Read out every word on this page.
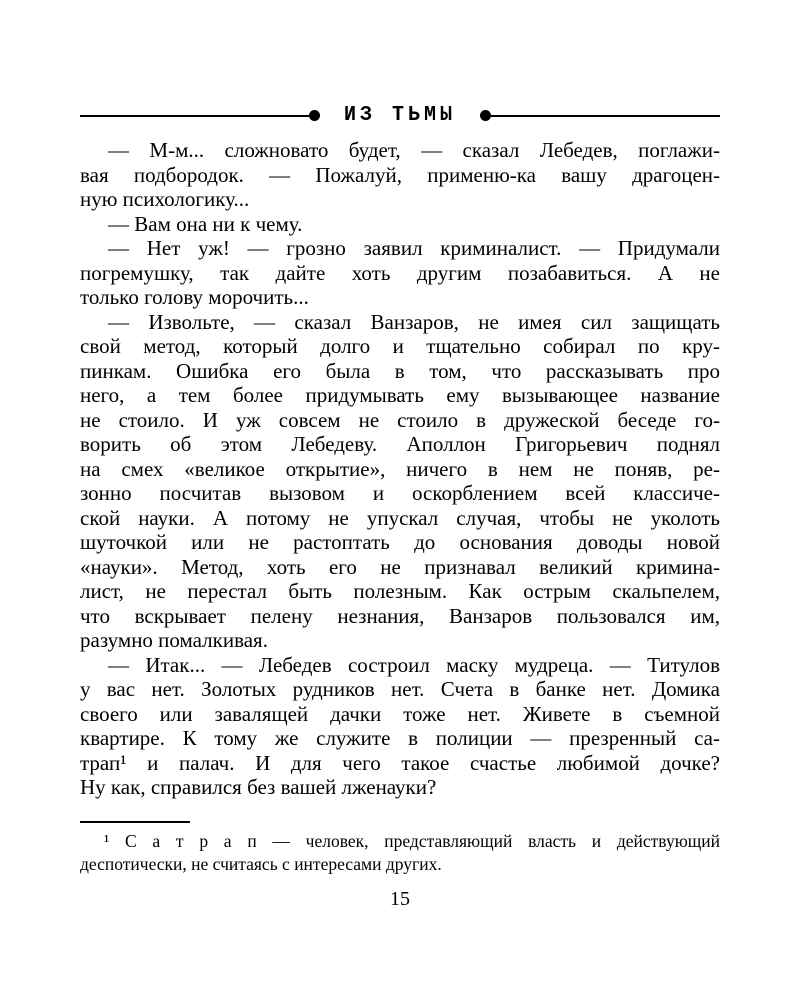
ИЗ ТЬМЫ
— М-м... сложновато будет, — сказал Лебедев, поглажи-
вая подбородок. — Пожалуй, применю-ка вашу драгоцен-
ную психологику...
— Вам она ни к чему.
— Нет уж! — грозно заявил криминалист. — Придумали
погремушку, так дайте хоть другим позабавиться. А не
только голову морочить...
— Извольте, — сказал Ванзаров, не имея сил защищать
свой метод, который долго и тщательно собирал по кру-
пинкам. Ошибка его была в том, что рассказывать про
него, а тем более придумывать ему вызывающее название
не стоило. И уж совсем не стоило в дружеской беседе го-
ворить об этом Лебедеву. Аполлон Григорьевич поднял
на смех «великое открытие», ничего в нем не поняв, ре-
зонно посчитав вызовом и оскорблением всей классиче-
ской науки. А потому не упускал случая, чтобы не уколоть
шуточкой или не растоптать до основания доводы новой
«науки». Метод, хоть его не признавал великий кримина-
лист, не перестал быть полезным. Как острым скальпелем,
что вскрывает пелену незнания, Ванзаров пользовался им,
разумно помалкивая.
— Итак... — Лебедев состроил маску мудреца. — Титулов
у вас нет. Золотых рудников нет. Счета в банке нет. Домика
своего или завалящей дачки тоже нет. Живете в съемной
квартире. К тому же служите в полиции — презренный са-
трап¹ и палач. И для чего такое счастье любимой дочке?
Ну как, справился без вашей лженауки?
¹ С а т р а п — человек, представляющий власть и действующий
деспотически, не считаясь с интересами других.
15
